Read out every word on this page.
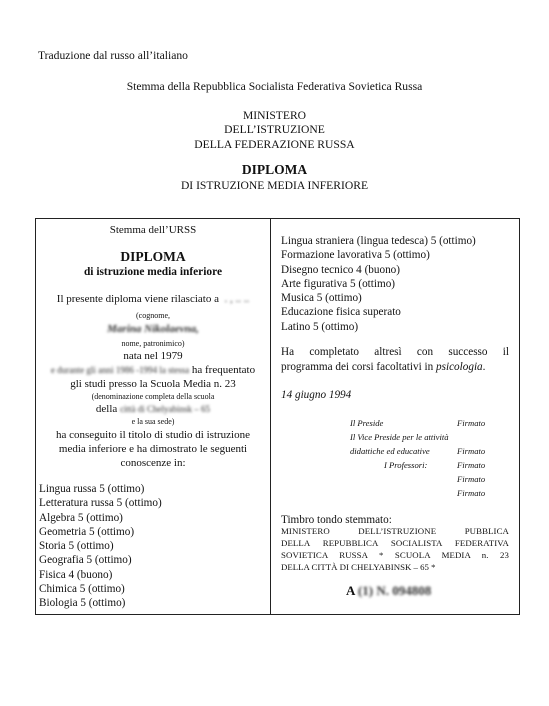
Traduzione dal russo all’italiano
Stemma della Repubblica Socialista Federativa Sovietica Russa
MINISTERO
DELL’ISTRUZIONE
DELLA FEDERAZIONE RUSSA
DIPLOMA
DI ISTRUZIONE MEDIA INFERIORE
Stemma dell’URSS
DIPLOMA
di istruzione media inferiore
Il presente diploma viene rilasciato a  . , .. ..
(cognome,
Marina Nikolaevna,
nome, patronimico)
nata nel 1979
e durante gli anni 1986 -1994 la stessa ha frequentato
gli studi presso la Scuola Media n. 23
(denominazione completa della scuola
della città di Chelyabinsk – 65
e la sua sede)
ha conseguito il titolo di studio di istruzione
media inferiore e ha dimostrato le seguenti
conoscenze in:
Lingua russa 5 (ottimo)
Letteratura russa 5 (ottimo)
Algebra 5 (ottimo)
Geometria 5 (ottimo)
Storia 5 (ottimo)
Geografia 5 (ottimo)
Fisica 4 (buono)
Chimica 5 (ottimo)
Biologia 5 (ottimo)
Lingua straniera (lingua tedesca) 5 (ottimo)
Formazione lavorativa 5 (ottimo)
Disegno tecnico 4 (buono)
Arte figurativa 5 (ottimo)
Musica 5 (ottimo)
Educazione fisica superato
Latino 5 (ottimo)
Ha completato altresì con successo il
programma dei corsi facoltativi in psicologia.
14 giugno 1994
Il Preside	Firmato
Il Vice Preside per le attività
didattiche ed educative	Firmato
I Professori:	Firmato
Firmato
Firmato
Timbro tondo stemmato:
MINISTERO DELL’ISTRUZIONE PUBBLICA
DELLA REPUBBLICA SOCIALISTA FEDERATIVA
SOVIETICA RUSSA * SCUOLA MEDIA n. 23
DELLA CITTÀ DI CHELYABINSK – 65 *
A (1) N. 094808
